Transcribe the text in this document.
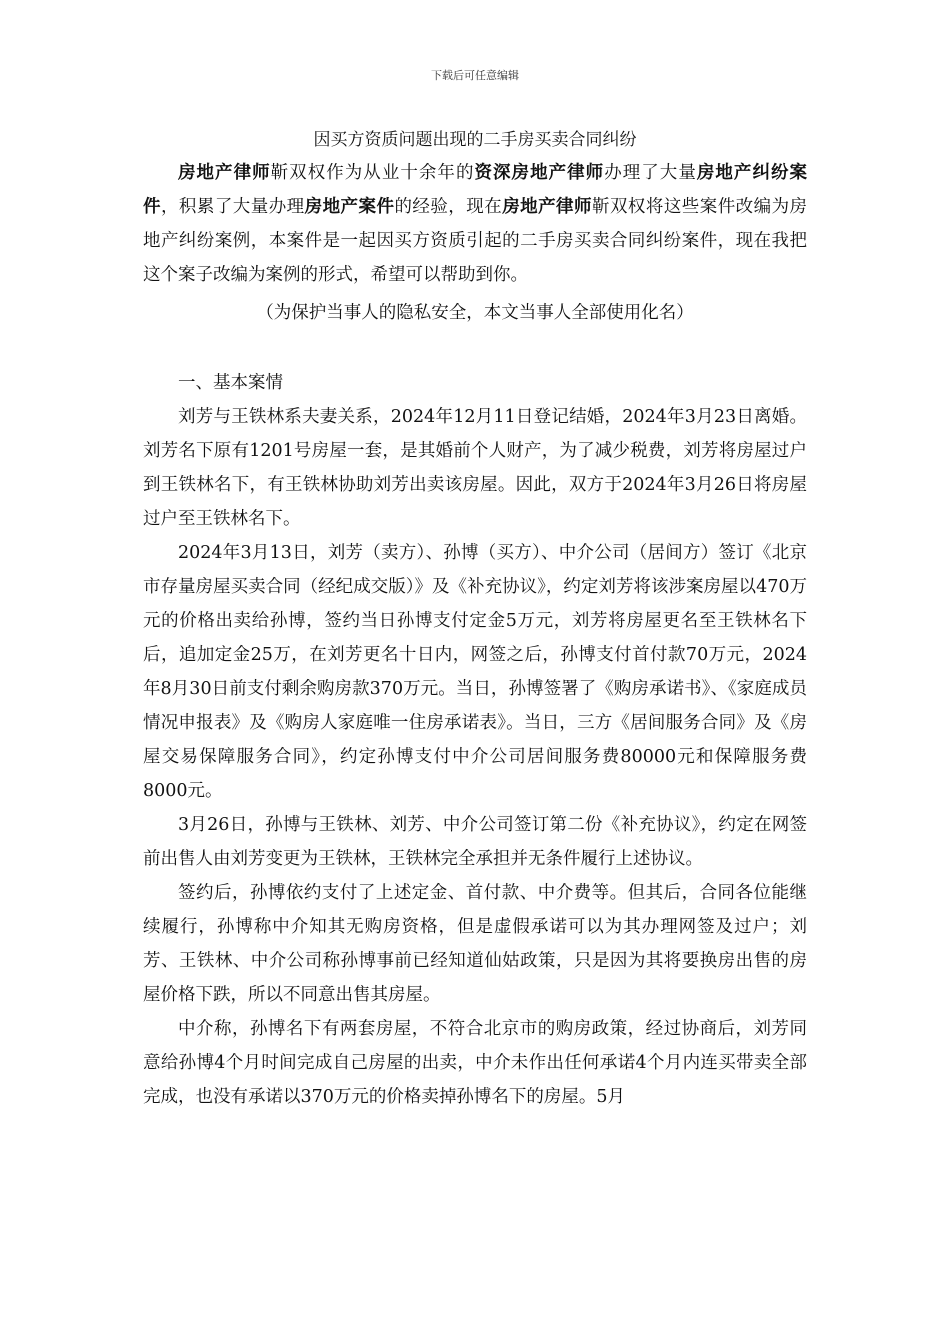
下载后可任意编辑
因买方资质问题出现的二手房买卖合同纠纷

房地产律师靳双权作为从业十余年的资深房地产律师办理了大量房地产纠纷案件，积累了大量办理房地产案件的经验，现在房地产律师靳双权将这些案件改编为房地产纠纷案例，本案件是一起因买方资质引起的二手房买卖合同纠纷案件，现在我把这个案子改编为案例的形式，希望可以帮助到你。

（为保护当事人的隐私安全，本文当事人全部使用化名）

一、基本案情

刘芳与王铁林系夫妻关系，2024年12月11日登记结婚，2024年3月23日离婚。刘芳名下原有1201号房屋一套，是其婚前个人财产，为了减少税费，刘芳将房屋过户到王铁林名下，有王铁林协助刘芳出卖该房屋。因此，双方于2024年3月26日将房屋过户至王铁林名下。

2024年3月13日，刘芳（卖方）、孙博（买方）、中介公司（居间方）签订《北京市存量房屋买卖合同（经纪成交版）》及《补充协议》，约定刘芳将该涉案房屋以470万元的价格出卖给孙博，签约当日孙博支付定金5万元，刘芳将房屋更名至王铁林名下后，追加定金25万，在刘芳更名十日内，网签之后，孙博支付首付款70万元，2024年8月30日前支付剩余购房款370万元。当日，孙博签署了《购房承诺书》、《家庭成员情况申报表》及《购房人家庭唯一住房承诺表》。当日，三方《居间服务合同》及《房屋交易保障服务合同》，约定孙博支付中介公司居间服务费80000元和保障服务费8000元。

3月26日，孙博与王铁林、刘芳、中介公司签订第二份《补充协议》，约定在网签前出售人由刘芳变更为王铁林，王铁林完全承担并无条件履行上述协议。

签约后，孙博依约支付了上述定金、首付款、中介费等。但其后，合同各位能继续履行，孙博称中介知其无购房资格，但是虚假承诺可以为其办理网签及过户；刘芳、王铁林、中介公司称孙博事前已经知道仙姑政策，只是因为其将要换房出售的房屋价格下跌，所以不同意出售其房屋。

中介称，孙博名下有两套房屋，不符合北京市的购房政策，经过协商后，刘芳同意给孙博4个月时间完成自己房屋的出卖，中介未作出任何承诺4个月内连买带卖全部完成，也没有承诺以370万元的价格卖掉孙博名下的房屋。5月
